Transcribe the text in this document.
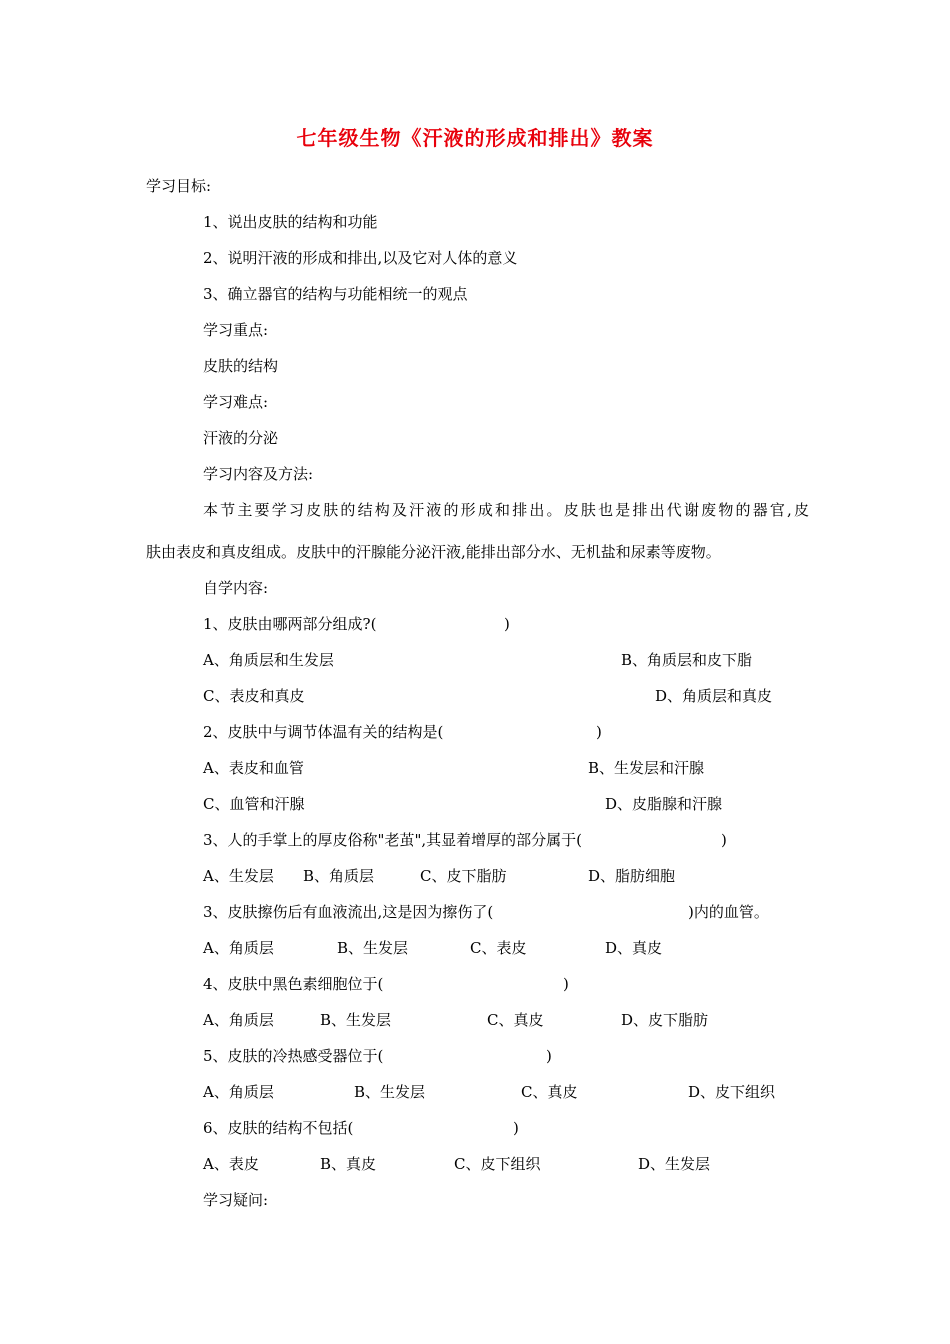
七年级生物《汗液的形成和排出》教案
学习目标:
1、说出皮肤的结构和功能
2、说明汗液的形成和排出,以及它对人体的意义
3、确立器官的结构与功能相统一的观点
学习重点:
皮肤的结构
学习难点:
汗液的分泌
学习内容及方法:
本节主要学习皮肤的结构及汗液的形成和排出。皮肤也是排出代谢废物的器官,皮
肤由表皮和真皮组成。皮肤中的汗腺能分泌汗液,能排出部分水、无机盐和尿素等废物。
自学内容:
1、皮肤由哪两部分组成?(	)
A、角质层和生发层	B、角质层和皮下脂
C、表皮和真皮	D、角质层和真皮
2、皮肤中与调节体温有关的结构是(	)
A、表皮和血管	B、生发层和汗腺
C、血管和汗腺	D、皮脂腺和汗腺
3、人的手掌上的厚皮俗称"老茧",其显着增厚的部分属于(	)
A、生发层 B、角质层	C、皮下脂肪	D、脂肪细胞
3、皮肤擦伤后有血液流出,这是因为擦伤了(	)内的血管。
A、角质层	B、生发层	C、表皮	D、真皮
4、皮肤中黑色素细胞位于(	)
A、角质层	B、生发层	C、真皮	D、皮下脂肪
5、皮肤的冷热感受器位于(	)
A、角质层	B、生发层	C、真皮	D、皮下组织
6、皮肤的结构不包括(	)
A、表皮	B、真皮	C、皮下组织	D、生发层
学习疑问:
